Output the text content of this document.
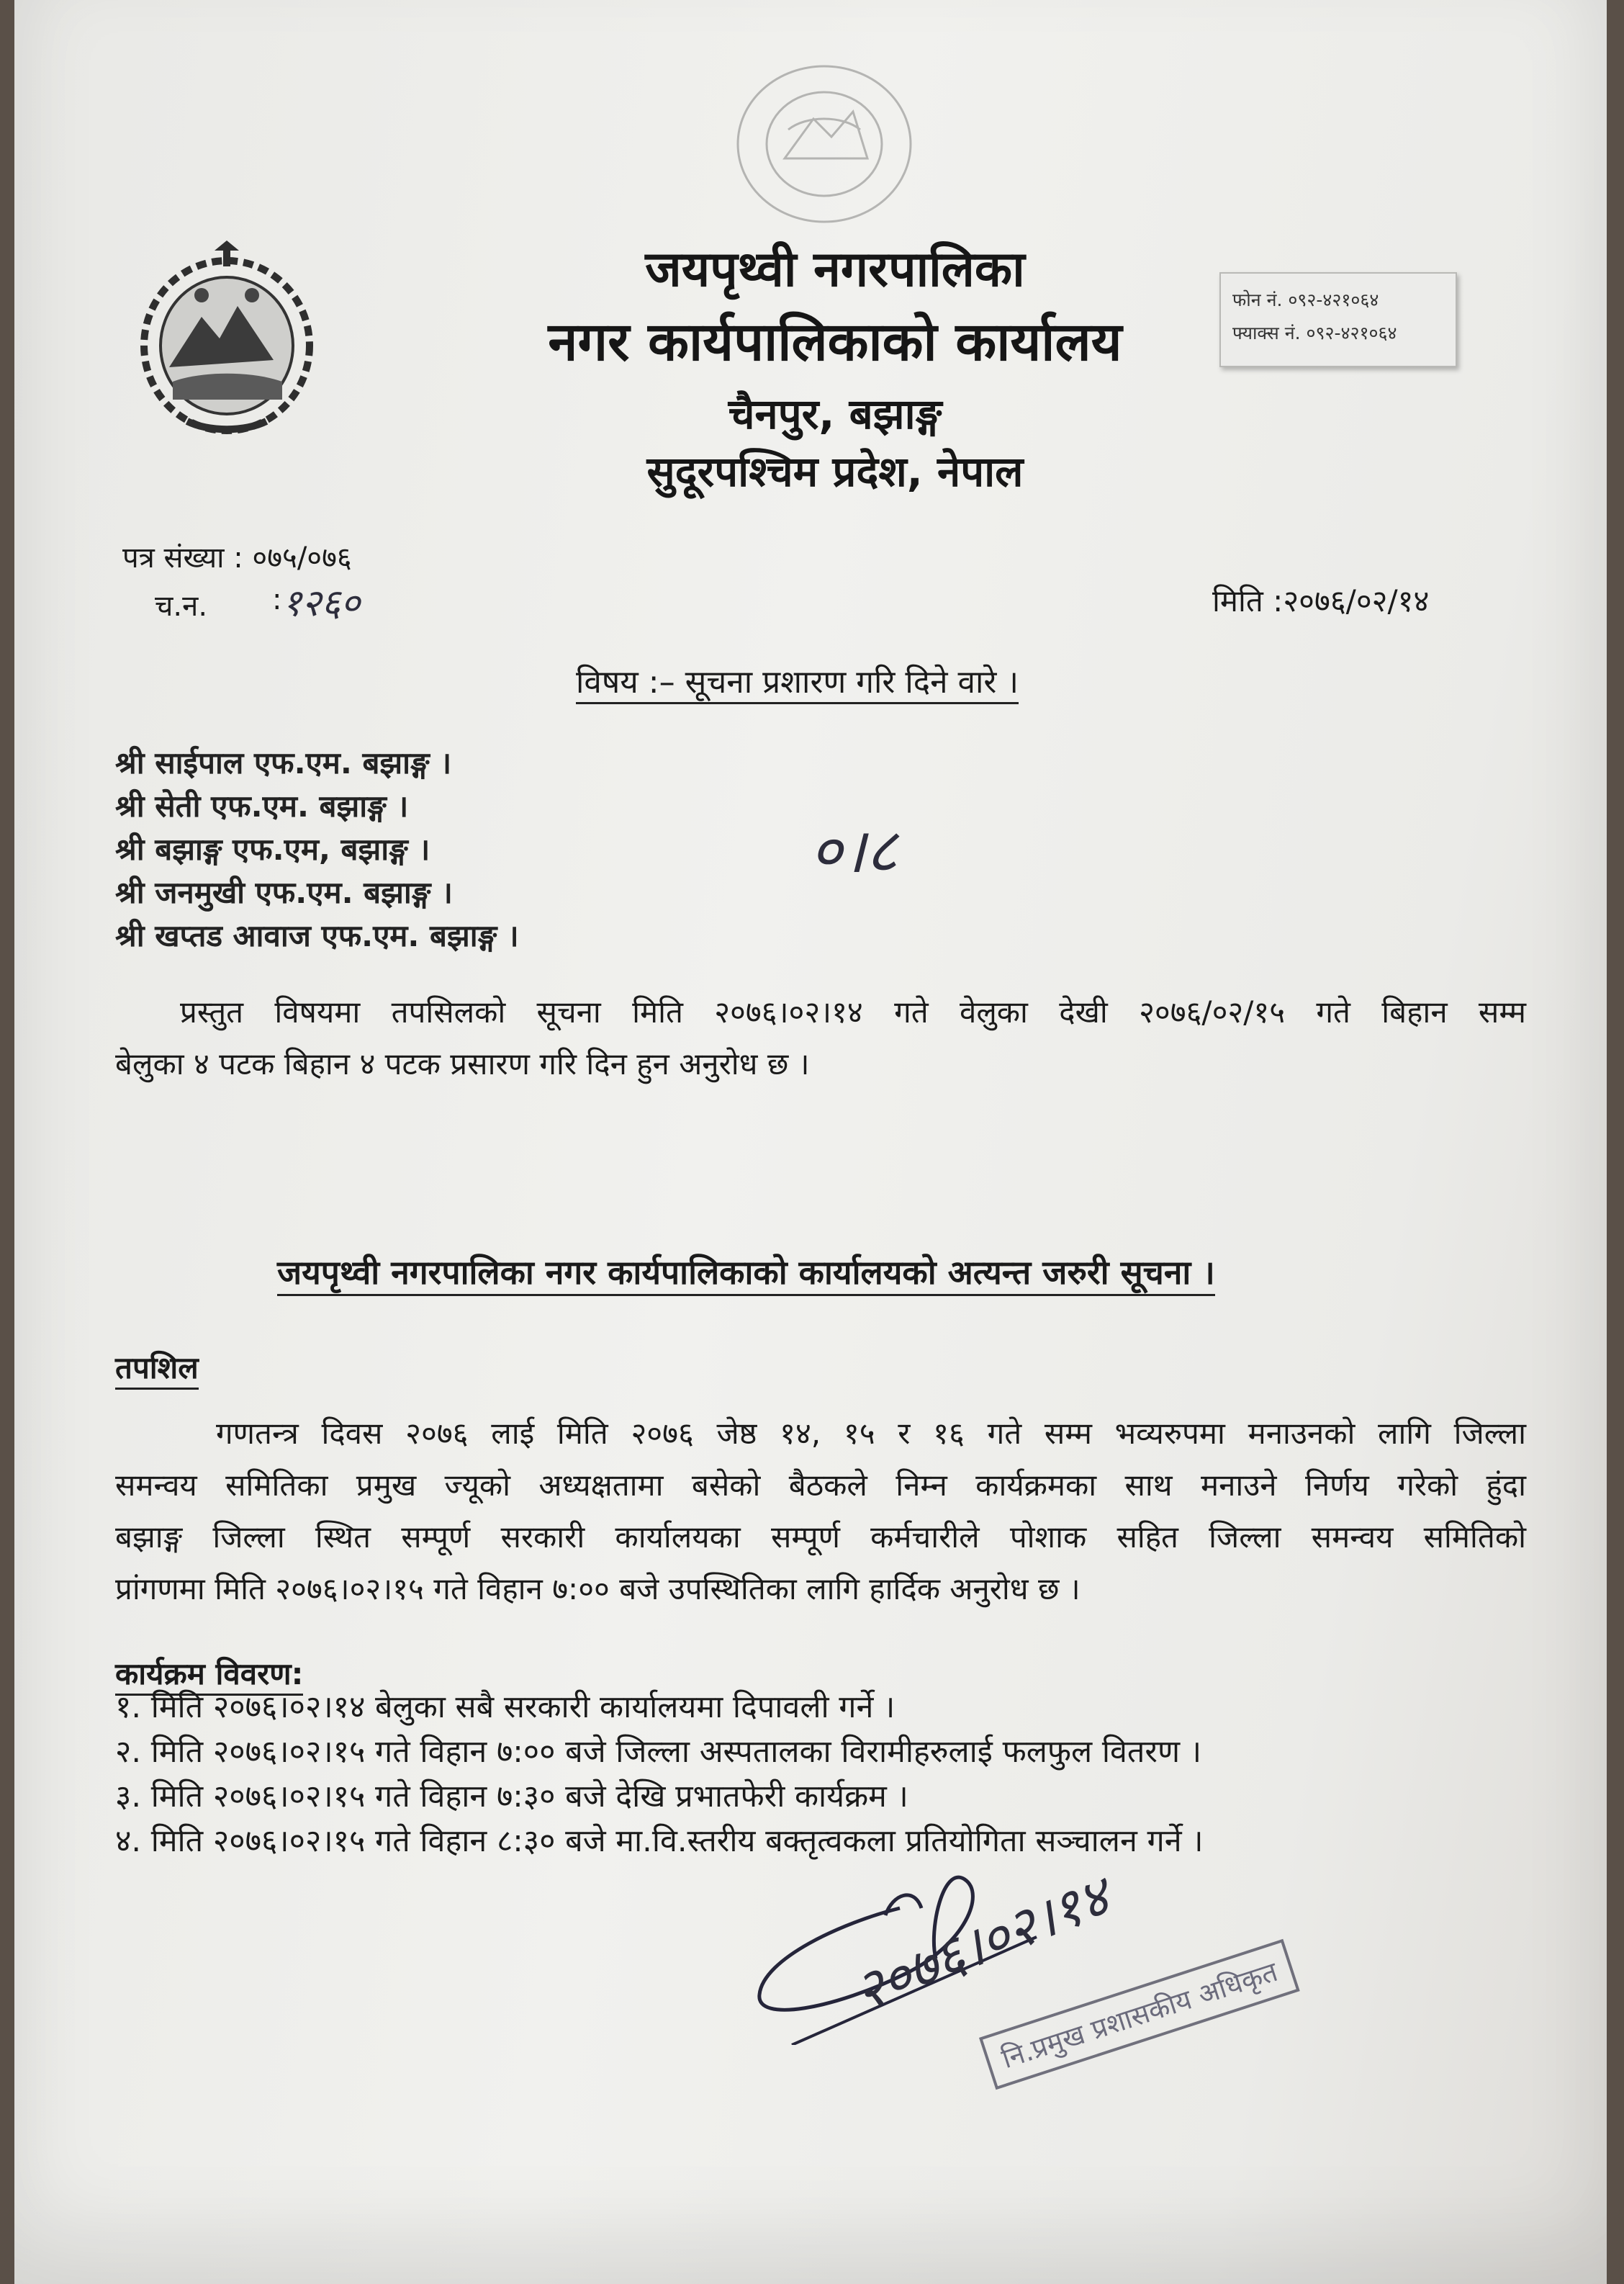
जयपृथ्वी नगरपालिका
नगर कार्यपालिकाको कार्यालय
चैनपुर, बझाङ्ग
सुदूरपश्चिम प्रदेश, नेपाल
फोन नं. ०९२-४२१०६४
फ्याक्स नं. ०९२-४२१०६४
पत्र संख्या : ०७५/०७६
च.न. : १२६०	मिति :२०७६/०२/१४
विषय :– सूचना प्रशारण गरि दिने वारे ।
श्री साईपाल एफ.एम. बझाङ्ग ।
श्री सेती एफ.एम. बझाङ्ग ।
श्री बझाङ्ग एफ.एम, बझाङ्ग ।
श्री जनमुखी एफ.एम. बझाङ्ग ।
श्री खप्तड आवाज एफ.एम. बझाङ्ग ।
०।८
प्रस्तुत विषयमा तपसिलको सूचना मिति २०७६।०२।१४ गते वेलुका देखी २०७६/०२/१५ गते बिहान सम्म
बेलुका ४ पटक बिहान ४ पटक प्रसारण गरि दिन हुन अनुरोध छ ।
जयपृथ्वी नगरपालिका नगर कार्यपालिकाको कार्यालयको अत्यन्त जरुरी सूचना ।
तपशिल
गणतन्त्र दिवस २०७६ लाई मिति २०७६ जेष्ठ १४, १५ र १६ गते सम्म भव्यरुपमा मनाउनको लागि जिल्ला
समन्वय समितिका प्रमुख ज्यूको अध्यक्षतामा बसेको बैठकले निम्न कार्यक्रमका साथ मनाउने निर्णय गरेको हुंदा
बझाङ्ग जिल्ला स्थित सम्पूर्ण सरकारी कार्यालयका सम्पूर्ण कर्मचारीले पोशाक सहित जिल्ला समन्वय समितिको
प्रांगणमा मिति २०७६।०२।१५ गते विहान ७:०० बजे उपस्थितिका लागि हार्दिक अनुरोध छ ।
कार्यक्रम विवरण:
१. मिति २०७६।०२।१४ बेलुका सबै सरकारी कार्यालयमा दिपावली गर्ने ।
२. मिति २०७६।०२।१५ गते विहान ७:०० बजे जिल्ला अस्पतालका विरामीहरुलाई फलफुल वितरण ।
३. मिति २०७६।०२।१५ गते विहान ७:३० बजे देखि प्रभातफेरी कार्यक्रम ।
४. मिति २०७६।०२।१५ गते विहान ८:३० बजे मा.वि.स्तरीय बक्तृत्वकला प्रतियोगिता सञ्चालन गर्ने ।
२०७६।०२।१४
नि.प्रमुख प्रशासकीय अधिकृत
